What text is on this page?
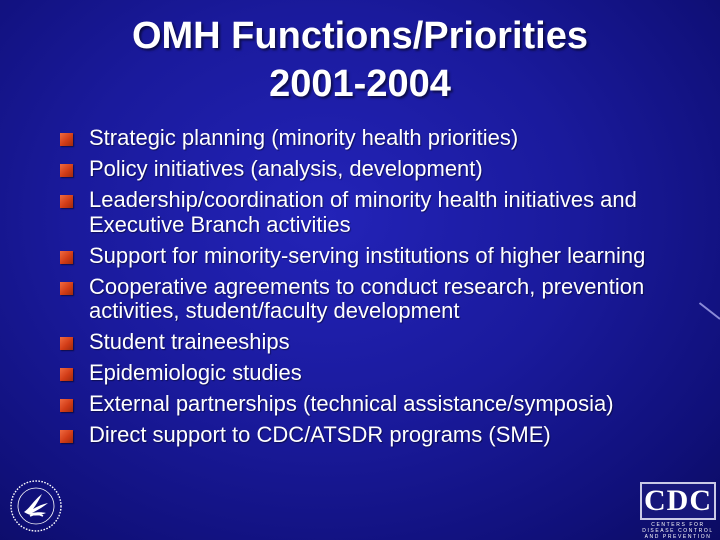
OMH Functions/Priorities
2001-2004
Strategic planning (minority health priorities)
Policy initiatives (analysis, development)
Leadership/coordination of minority health initiatives and Executive Branch activities
Support for minority-serving institutions of higher learning
Cooperative agreements to conduct research, prevention activities, student/faculty development
Student traineeships
Epidemiologic studies
External partnerships (technical assistance/symposia)
Direct support to CDC/ATSDR programs (SME)
CDC
CENTERS FOR DISEASE CONTROL AND PREVENTION
